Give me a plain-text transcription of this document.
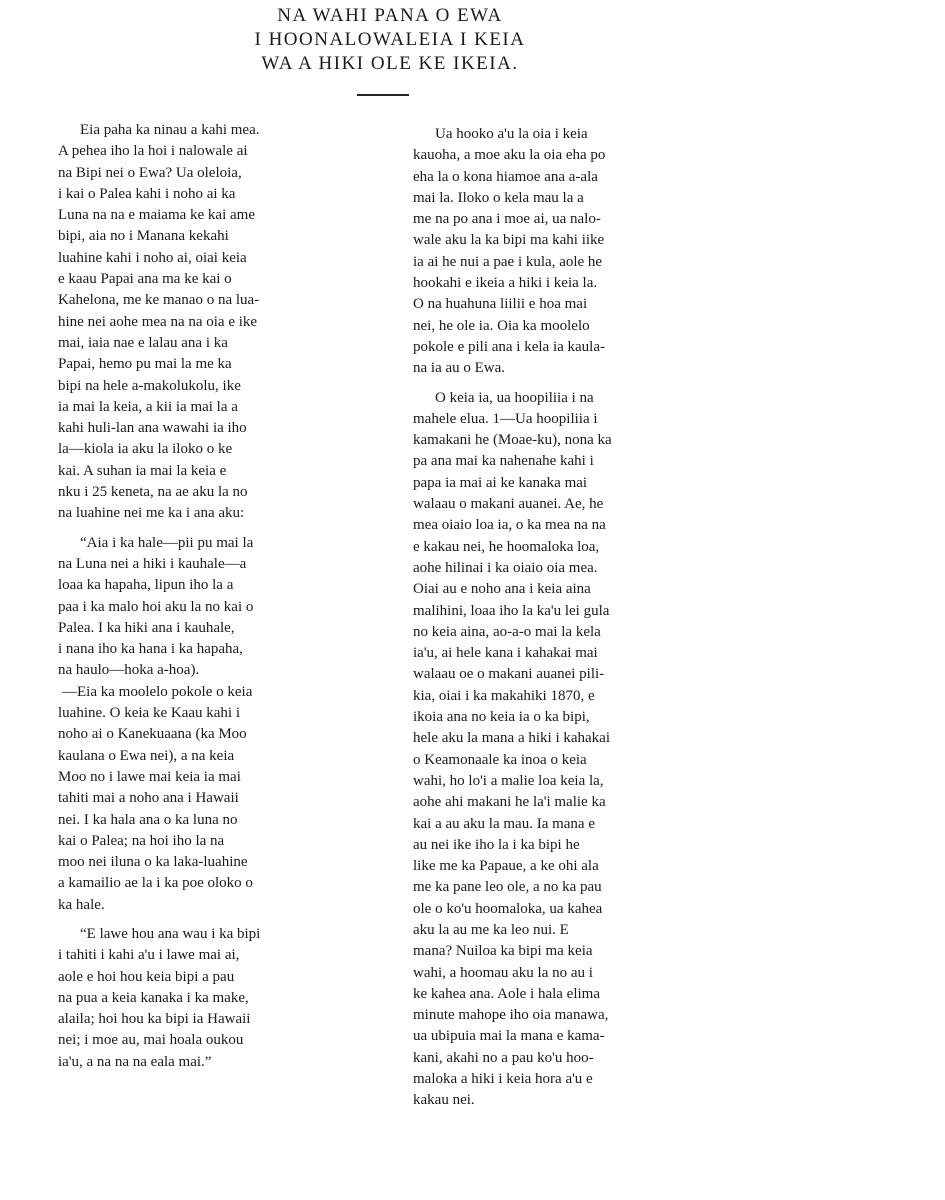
NA WAHI PANA O EWA
I HOONALOWALEIA I KEIA
WA A HIKI OLE KE IKEIA.
Eia paha ka ninau a kahi mea.
A pehea iho la hoi i nalowale ai
na Bipi nei o Ewa? Ua oleloia,
i kai o Palea kahi i noho ai ka
Luna na na e maiama ke kai ame
bipi, aia no i Manana kekahi
luahine kahi i noho ai, oiai keia
e kaau Papai ana ma ke kai o
Kahelona, me ke manao o na lua-
hine nei aohe mea na na oia e ike
mai, iaia nae e lalau ana i ka
Papai, hemo pu mai la me ka
bipi na hele a-makolukolu, ike
ia mai la keia, a kii ia mai la a
kahi huli-lan ana wawahi ia iho
la—kiola ia aku la iloko o ke
kai. A suhan ia mai la keia e
nku i 25 keneta, na ae aku la no
na luahine nei me ka i ana aku:
“Aia i ka hale—pii pu mai la
na Luna nei a hiki i kauhale—a
loaa ka hapaha, lipun iho la a
paa i ka malo hoi aku la no kai o
Palea. I ka hiki ana i kauhale,
i nana iho ka hana i ka hapaha,
na haulo—hoka a-hoa).
—Eia ka moolelo pokole o keia
luahine. O keia ke Kaau kahi i
noho ai o Kanekuaana (ka Moo
kaulana o Ewa nei), a na keia
Moo no i lawe mai keia ia mai
tahiti mai a noho ana i Hawaii
nei. I ka hala ana o ka luna no
kai o Palea; na hoi iho la na
moo nei iluna o ka laka-luahine
a kamailio ae la i ka poe oloko o
ka hale.
“E lawe hou ana wau i ka bipi
i tahiti i kahi a'u i lawe mai ai,
aole e hoi hou keia bipi a pau
na pua a keia kanaka i ka make,
alaila; hoi hou ka bipi ia Hawaii
nei; i moe au, mai hoala oukou
ia'u, a na na na eala mai.”
Ua hooko a'u la oia i keia
kauoha, a moe aku la oia eha po
eha la o kona hiamoe ana a-ala
mai la. Iloko o kela mau la a
me na po ana i moe ai, ua nalo-
wale aku la ka bipi ma kahi iike
ia ai he nui a pae i kula, aole he
hookahi e ikeia a hiki i keia la.
O na huahuna liilii e hoa mai
nei, he ole ia. Oia ka moolelo
pokole e pili ana i kela ia kaula-
na ia au o Ewa.
O keia ia, ua hoopiliia i na
mahele elua. 1—Ua hoopiliia i
kamakani he (Moae-ku), nona ka
pa ana mai ka nahenahe kahi i
papa ia mai ai ke kanaka mai
walaau o makani auanei. Ae, he
mea oiaio loa ia, o ka mea na na
e kakau nei, he hoomaloka loa,
aohe hilinai i ka oiaio oia mea.
Oiai au e noho ana i keia aina
malihini, loaa iho la ka'u lei gula
no keia aina, ao-a-o mai la kela
ia'u, ai hele kana i kahakai mai
walaau oe o makani auanei pili-
kia, oiai i ka makahiki 1870, e
ikoia ana no keia ia o ka bipi,
hele aku la mana a hiki i kahakai
o Keamonaale ka inoa o keia
wahi, ho lo'i a malie loa keia la,
aohe ahi makani he la'i malie ka
kai a au aku la mau. Ia mana e
au nei ike iho la i ka bipi he
like me ka Papaue, a ke ohi ala
me ka pane leo ole, a no ka pau
ole o ko'u hoomaloka, ua kahea
aku la au me ka leo nui. E
mana? Nuiloa ka bipi ma keia
wahi, a hoomau aku la no au i
ke kahea ana. Aole i hala elima
minute mahope iho oia manawa,
ua ubipuia mai la mana e kama-
kani, akahi no a pau ko'u hoo-
maloka a hiki i keia hora a'u e
kakau nei.
